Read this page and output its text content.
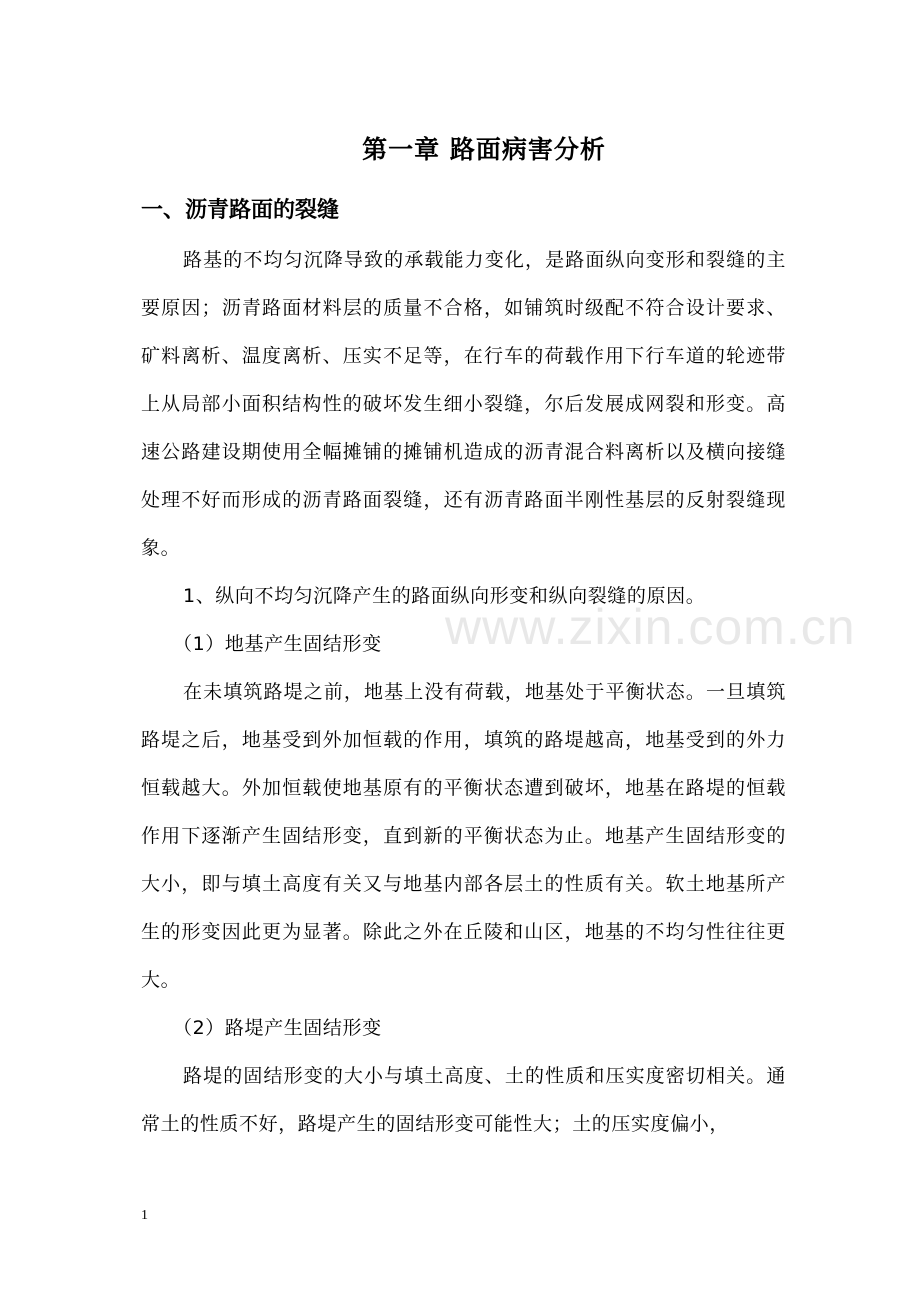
www.zixin.com.cn
第一章 路面病害分析
一、沥青路面的裂缝

路基的不均匀沉降导致的承载能力变化，是路面纵向变形和裂缝的主要原因；沥青路面材料层的质量不合格，如铺筑时级配不符合设计要求、矿料离析、温度离析、压实不足等，在行车的荷载作用下行车道的轮迹带上从局部小面积结构性的破坏发生细小裂缝，尔后发展成网裂和形变。高速公路建设期使用全幅摊铺的摊铺机造成的沥青混合料离析以及横向接缝处理不好而形成的沥青路面裂缝，还有沥青路面半刚性基层的反射裂缝现象。

1、纵向不均匀沉降产生的路面纵向形变和纵向裂缝的原因。

（1）地基产生固结形变

在未填筑路堤之前，地基上没有荷载，地基处于平衡状态。一旦填筑路堤之后，地基受到外加恒载的作用，填筑的路堤越高，地基受到的外力恒载越大。外加恒载使地基原有的平衡状态遭到破坏，地基在路堤的恒载作用下逐渐产生固结形变，直到新的平衡状态为止。地基产生固结形变的大小，即与填土高度有关又与地基内部各层土的性质有关。软土地基所产生的形变因此更为显著。除此之外在丘陵和山区，地基的不均匀性往往更大。

（2）路堤产生固结形变

路堤的固结形变的大小与填土高度、土的性质和压实度密切相关。通常土的性质不好，路堤产生的固结形变可能性大；土的压实度偏小，

1
